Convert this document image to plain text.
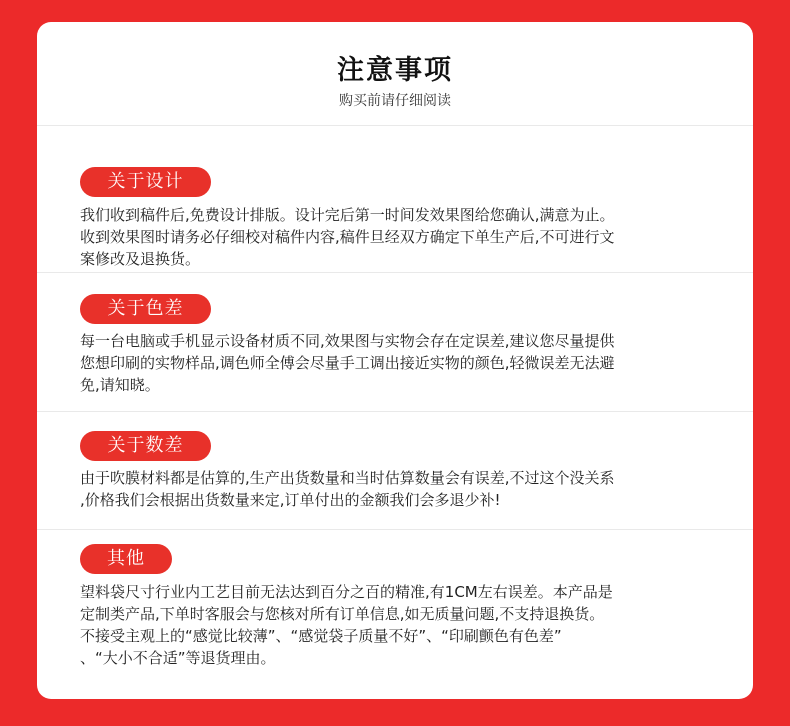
注意事项
购买前请仔细阅读
关于设计
我们收到稿件后,免费设计排版。设计完后第一时间发效果图给您确认,满意为止。
收到效果图时请务必仔细校对稿件内容,稿件旦经双方确定下单生产后,不可进行文
案修改及退换货。
关于色差
每一台电脑或手机显示设备材质不同,效果图与实物会存在定误差,建议您尽量提供
您想印刷的实物样品,调色师全傅会尽量手工调出接近实物的颜色,轻微误差无法避
免,请知晓。
关于数差
由于吹膜材料都是估算的,生产出货数量和当时估算数量会有误差,不过这个没关系
,价格我们会根据出货数量来定,订单付出的金额我们会多退少补!
其他
望料袋尺寸行业内工艺目前无法达到百分之百的精准,有1CM左右误差。本产品是
定制类产品,下单时客服会与您核对所有订单信息,如无质量问题,不支持退换货。
不接受主观上的“感觉比较薄”、“感觉袋子质量不好”、“印刷颤色有色差”
、“大小不合适”等退货理由。
